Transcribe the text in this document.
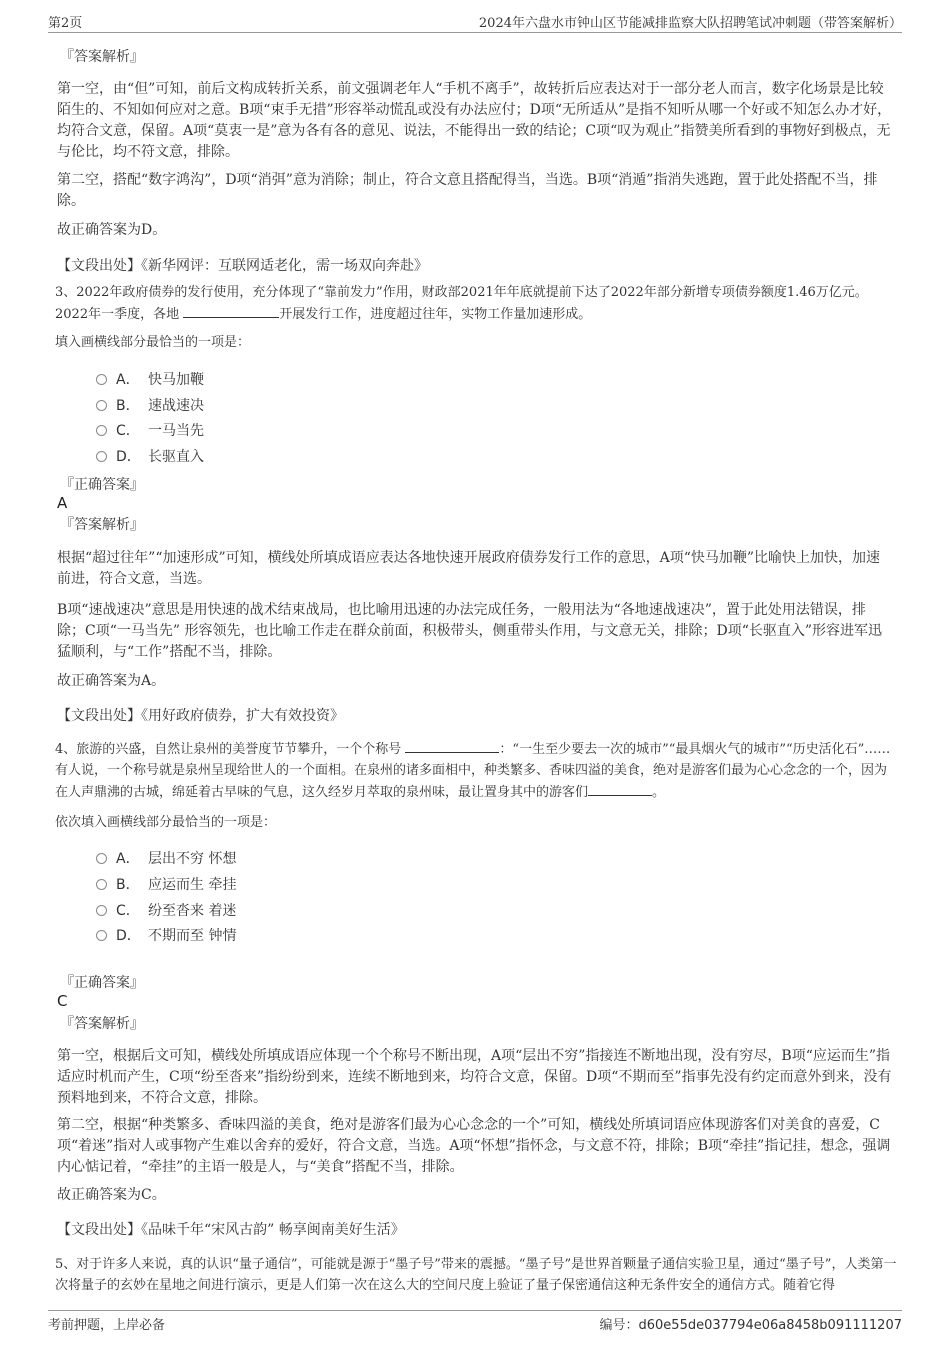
第2页	2024年六盘水市钟山区节能减排监察大队招聘笔试冲刺题（带答案解析）
『答案解析』
第一空，由“但”可知，前后文构成转折关系，前文强调老年人“手机不离手”，故转折后应表达对于一部分老人而言，数字化场景是比较陌生的、不知如何应对之意。B项“束手无措”形容举动慌乱或没有办法应付；D项“无所适从”是指不知听从哪一个好或不知怎么办才好，均符合文意，保留。A项“莫衷一是”意为各有各的意见、说法，不能得出一致的结论；C项“叹为观止”指赞美所看到的事物好到极点，无与伦比，均不符文意，排除。
第二空，搭配“数字鸿沟”，D项“消弭”意为消除；制止，符合文意且搭配得当，当选。B项“消遁”指消失逃跑，置于此处搭配不当，排除。
故正确答案为D。
【文段出处】《新华网评：互联网适老化，需一场双向奔赴》
3、2022年政府债券的发行使用，充分体现了“靠前发力”作用，财政部2021年年底就提前下达了2022年部分新增专项债券额度1.46万亿元。2022年一季度，各地	开展发行工作，进度超过往年，实物工作量加速形成。
填入画横线部分最恰当的一项是：
A． 快马加鞭
B． 速战速决
C． 一马当先
D． 长驱直入
『正确答案』
A
『答案解析』
根据“超过往年”“加速形成”可知，横线处所填成语应表达各地快速开展政府债券发行工作的意思，A项“快马加鞭”比喻快上加快，加速前进，符合文意，当选。
B项“速战速决”意思是用快速的战术结束战局，也比喻用迅速的办法完成任务，一般用法为“各地速战速决”，置于此处用法错误，排除；C项“一马当先” 形容领先，也比喻工作走在群众前面，积极带头，侧重带头作用，与文意无关，排除；D项“长驱直入”形容进军迅猛顺利，与“工作”搭配不当，排除。
故正确答案为A。
【文段出处】《用好政府债券，扩大有效投资》
4、旅游的兴盛，自然让泉州的美誉度节节攀升，一个个称号	：“一生至少要去一次的城市”“最具烟火气的城市”“历史活化石”……有人说，一个称号就是泉州呈现给世人的一个面相。在泉州的诸多面相中，种类繁多、香味四溢的美食，绝对是游客们最为心心念念的一个，因为在人声鼎沸的古城，绵延着古早味的气息，这久经岁月萃取的泉州味，最让置身其中的游客们	。
依次填入画横线部分最恰当的一项是：
A． 层出不穷 怀想
B． 应运而生 牵挂
C． 纷至沓来 着迷
D． 不期而至 钟情
『正确答案』
C
『答案解析』
第一空，根据后文可知，横线处所填成语应体现一个个称号不断出现，A项“层出不穷”指接连不断地出现，没有穷尽，B项“应运而生”指适应时机而产生，C项“纷至沓来”指纷纷到来，连续不断地到来，均符合文意，保留。D项“不期而至”指事先没有约定而意外到来，没有预料地到来，不符合文意，排除。
第二空，根据“种类繁多、香味四溢的美食，绝对是游客们最为心心念念的一个”可知，横线处所填词语应体现游客们对美食的喜爱，C项“着迷”指对人或事物产生难以舍弃的爱好，符合文意，当选。A项“怀想”指怀念，与文意不符，排除；B项“牵挂”指记挂，想念，强调内心惦记着，“牵挂”的主语一般是人，与“美食”搭配不当，排除。
故正确答案为C。
【文段出处】《品味千年“宋风古韵” 畅享闽南美好生活》
5、对于许多人来说，真的认识“量子通信”，可能就是源于“墨子号”带来的震撼。“墨子号”是世界首颗量子通信实验卫星，通过“墨子号”，人类第一次将量子的玄妙在星地之间进行演示，更是人们第一次在这么大的空间尺度上验证了量子保密通信这种无条件安全的通信方式。随着它得
考前押题，上岸必备	编号：d60e55de037794e06a8458b091111207
